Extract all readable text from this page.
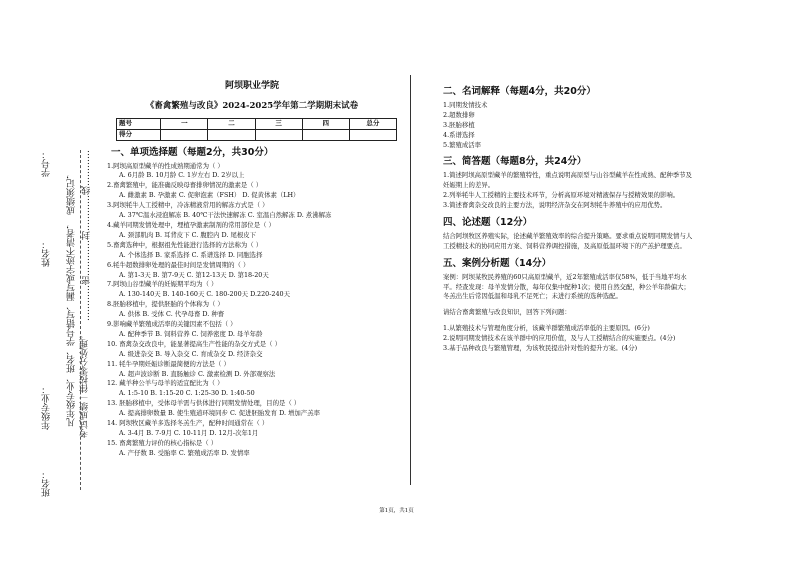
学号：
姓名：
成绩须记，
凡年级专业、班名、学号错写、漏写或字迹不清者， 考试成绩一律按零分处理。
…………密…………封…………线…………
年级专业：
班名：
阿坝职业学院
《畜禽繁殖与改良》2024-2025学年第二学期期末试卷
题号	一	二	三	四	总分
得分					
一、单项选择题（每题2分，共30分）
1.阿坝高原型藏羊的性成熟期通常为（ ）
A. 6月龄 B. 10月龄 C. 1岁左右 D. 2岁以上
2.畜禽繁殖中，能准确反映母畜排卵情况的激素是（ ）
A. 雌激素 B. 孕激素 C. 促卵泡素（FSH） D. 促黄体素（LH）
3.阿坝牦牛人工授精中，冷冻精液常用的解冻方式是（ ）
A. 37℃温水浸泡解冻 B. 40℃干法快速解冻 C. 室温自然解冻 D. 煮沸解冻
4.藏羊同期发情处理中，埋植孕激素制剂的常用部位是（ ）
A. 颈部肌肉 B. 耳背皮下 C. 腹腔内 D. 尾根皮下
5.畜禽选种中，根据祖先性能进行选择的方法称为（ ）
A. 个体选择 B. 家系选择 C. 系谱选择 D. 同胞选择
6.牦牛超数排卵处理的最佳时间是发情周期的（ ）
A. 第1-3天 B. 第7-9天 C. 第12-13天 D. 第18-20天
7.阿坝山谷型藏羊的妊娠期平均为（ ）
A. 130-140天 B. 140-160天 C. 180-200天 D.220-240天
8.胚胎移植中，提供胚胎的个体称为（ ）
A. 供体 B. 受体 C. 代孕母畜 D. 种畜
9.影响藏羊繁殖成活率的关键因素不包括（ ）
A. 配种季节 B. 饲料营养 C. 饲养密度 D. 母羊年龄
10. 畜禽杂交改良中，能显著提高生产性能的杂交方式是（ ）
A. 级进杂交 B. 导入杂交 C. 育成杂交 D. 经济杂交
11. 牦牛孕期妊娠诊断最简便的方法是（ ）
A. 超声波诊断 B. 直肠触诊 C. 激素检测 D. 外部观察法
12. 藏羊种公羊与母羊的适宜配比为（ ）
A. 1:5-10 B. 1:15-20 C. 1:25-30 D. 1:40-50
13. 胚胎移植中，受体母羊需与供体进行同期发情处理，目的是（ ）
A. 提高排卵数量 B. 使生殖道环境同步 C. 促进胚胎发育 D. 增加产羔率
14. 阿坝牧区藏羊多选择冬羔生产，配种时间通常在（ ）
A. 3-4月 B. 7-9月 C. 10-11月 D. 12月-次年1月
15. 畜禽繁殖力评价的核心指标是（ ）
A. 产仔数 B. 受胎率 C. 繁殖成活率 D. 发情率
二、名词解释（每题4分，共20分）
1.同期发情技术
2.超数排卵
3.胚胎移植
4.系谱选择
5.繁殖成活率
三、简答题（每题8分，共24分）
1.简述阿坝高原型藏羊的繁殖特性，重点说明高原型与山谷型藏羊在性成熟、配种季节及妊娠期上的差异。
2.列举牦牛人工授精的主要技术环节，分析高原环境对精液保存与授精效果的影响。
3.简述畜禽杂交改良的主要方法，说明经济杂交在阿坝牦牛养殖中的应用优势。
四、论述题（12分）
结合阿坝牧区养殖实际，论述藏羊繁殖效率的综合提升策略。要求重点说明同期发情与人工授精技术的协同应用方案、饲料营养调控措施，及高原低温环境下的产羔护理要点。
五、案例分析题（14分）
案例：阿坝某牧民养殖的60只高原型藏羊，近2年繁殖成活率仅58%，低于当地平均水平。经查发现：母羊发情分散，每年仅集中配种1次；使用自然交配，种公羊年龄偏大；冬羔出生后常因低温和母乳不足死亡；未进行系统的选种选配。
请结合畜禽繁殖与改良知识，回答下列问题：
1.从繁殖技术与管理角度分析，该藏羊群繁殖成活率低的主要原因。(6分)
2.说明同期发情技术在该羊群中的应用价值，及与人工授精结合的实施要点。(4分)
3.基于品种改良与繁殖管理，为该牧民提出针对性的提升方案。(4分)
第1页，共1页
